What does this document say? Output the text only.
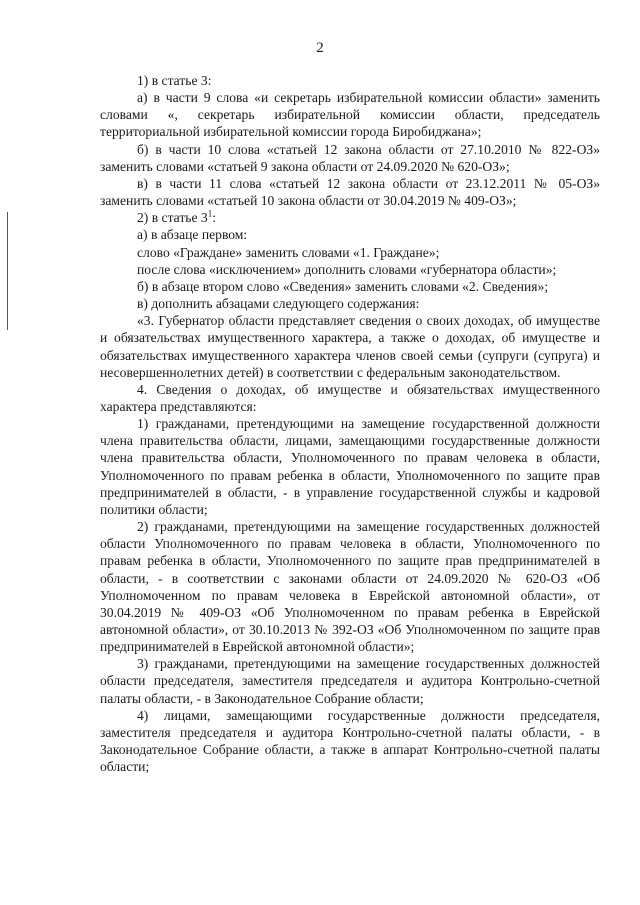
2

1) в статье 3:

а) в части 9 слова «и секретарь избирательной комиссии области» заменить словами «, секретарь избирательной комиссии области, председатель территориальной избирательной комиссии города Биробиджана»;

б) в части 10 слова «статьей 12 закона области от 27.10.2010 № 822-ОЗ» заменить словами «статьей 9 закона области от 24.09.2020 № 620-ОЗ»;

в) в части 11 слова «статьей 12 закона области от 23.12.2011 № 05-ОЗ» заменить словами «статьей 10 закона области от 30.04.2019 № 409-ОЗ»;

2) в статье $3^1$:

а) в абзаце первом:

слово «Граждане» заменить словами «1. Граждане»;

после слова «исключением» дополнить словами «губернатора области»;

б) в абзаце втором слово «Сведения» заменить словами «2. Сведения»;

в) дополнить абзацами следующего содержания:

«3. Губернатор области представляет сведения о своих доходах, об имуществе и обязательствах имущественного характера, а также о доходах, об имуществе и обязательствах имущественного характера членов своей семьи (супруги (супруга) и несовершеннолетних детей) в соответствии с федеральным законодательством.

4. Сведения о доходах, об имуществе и обязательствах имущественного характера представляются:

1) гражданами, претендующими на замещение государственной должности члена правительства области, лицами, замещающими государственные должности члена правительства области, Уполномоченного по правам человека в области, Уполномоченного по правам ребенка в области, Уполномоченного по защите прав предпринимателей в области, - в управление государственной службы и кадровой политики области;

2) гражданами, претендующими на замещение государственных должностей области Уполномоченного по правам человека в области, Уполномоченного по правам ребенка в области, Уполномоченного по защите прав предпринимателей в области, - в соответствии с законами области от 24.09.2020 № 620-ОЗ «Об Уполномоченном по правам человека в Еврейской автономной области», от 30.04.2019 № 409-ОЗ «Об Уполномоченном по правам ребенка в Еврейской автономной области», от 30.10.2013 № 392-ОЗ «Об Уполномоченном по защите прав предпринимателей в Еврейской автономной области»;

3) гражданами, претендующими на замещение государственных должностей области председателя, заместителя председателя и аудитора Контрольно-счетной палаты области, - в Законодательное Собрание области;

4) лицами, замещающими государственные должности председателя, заместителя председателя и аудитора Контрольно-счетной палаты области, - в Законодательное Собрание области, а также в аппарат Контрольно-счетной палаты области;
